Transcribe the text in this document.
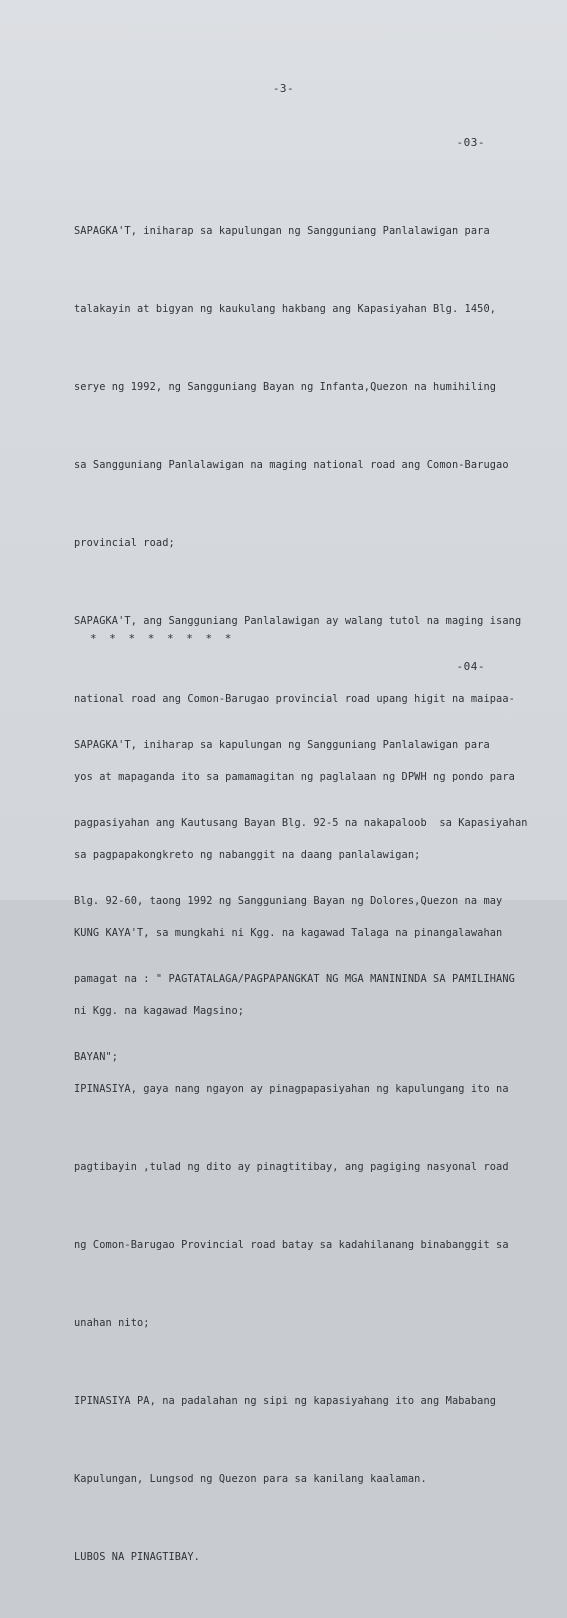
-3-
-03-

SAPAGKA'T, iniharap sa kapulungan ng Sangguniang Panlalawigan para

talakayin at bigyan ng kaukulang hakbang ang Kapasiyahan Blg. 1450,

serye ng 1992, ng Sangguniang Bayan ng Infanta,Quezon na humihiling

sa Sangguniang Panlalawigan na maging national road ang Comon-Barugao

provincial road;

SAPAGKA'T, ang Sangguniang Panlalawigan ay walang tutol na maging isang

national road ang Comon-Barugao provincial road upang higit na maipaa-

yos at mapaganda ito sa pamamagitan ng paglalaan ng DPWH ng pondo para

sa pagpapakongkreto ng nabanggit na daang panlalawigan;

KUNG KAYA'T, sa mungkahi ni Kgg. na kagawad Talaga na pinangalawahan

ni Kgg. na kagawad Magsino;

IPINASIYA, gaya nang ngayon ay pinagpapasiyahan ng kapulungang ito na

pagtibayin ,tulad ng dito ay pinagtitibay, ang pagiging nasyonal road

ng Comon-Barugao Provincial road batay sa kadahilanang binabanggit sa

unahan nito;

IPINASIYA PA, na padalahan ng sipi ng kapasiyahang ito ang Mababang

Kapulungan, Lungsod ng Quezon para sa kanilang kaalaman.

LUBOS NA PINAGTIBAY.

* * * * * * * *
-04-

SAPAGKA'T, iniharap sa kapulungan ng Sangguniang Panlalawigan para

pagpasiyahan ang Kautusang Bayan Blg. 92-5 na nakapaloob  sa Kapasiyahan

Blg. 92-60, taong 1992 ng Sangguniang Bayan ng Dolores,Quezon na may

pamagat na : " PAGTATALAGA/PAGPAPANGKAT NG MGA MANININDA SA PAMILIHANG

BAYAN";
